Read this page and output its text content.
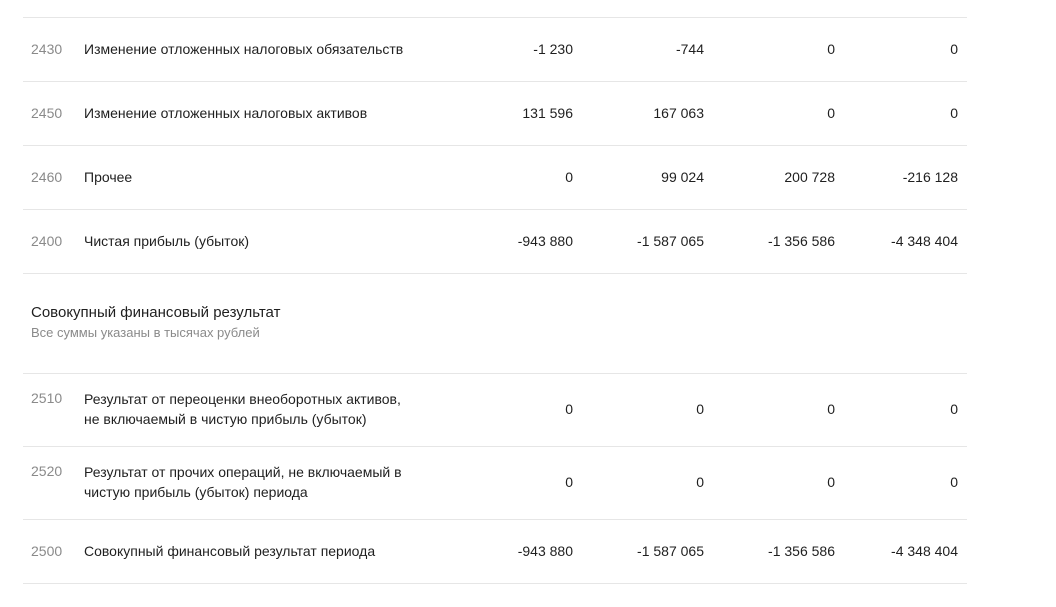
2430 Изменение отложенных налоговых обязательств	-1 230	-744	0	0
2450 Изменение отложенных налоговых активов	131 596	167 063	0	0
2460 Прочее	0	99 024	200 728	-216 128
2400 Чистая прибыль (убыток)	-943 880	-1 587 065	-1 356 586	-4 348 404
Совокупный финансовый результат
Все суммы указаны в тысячах рублей
2510 Результат от переоценки внеоборотных активов,
не включаемый в чистую прибыль (убыток)
0	0	0	0
2520 Результат от прочих операций, не включаемый в
чистую прибыль (убыток) периода
0	0	0	0
2500 Совокупный финансовый результат периода	-943 880	-1 587 065	-1 356 586	-4 348 404
